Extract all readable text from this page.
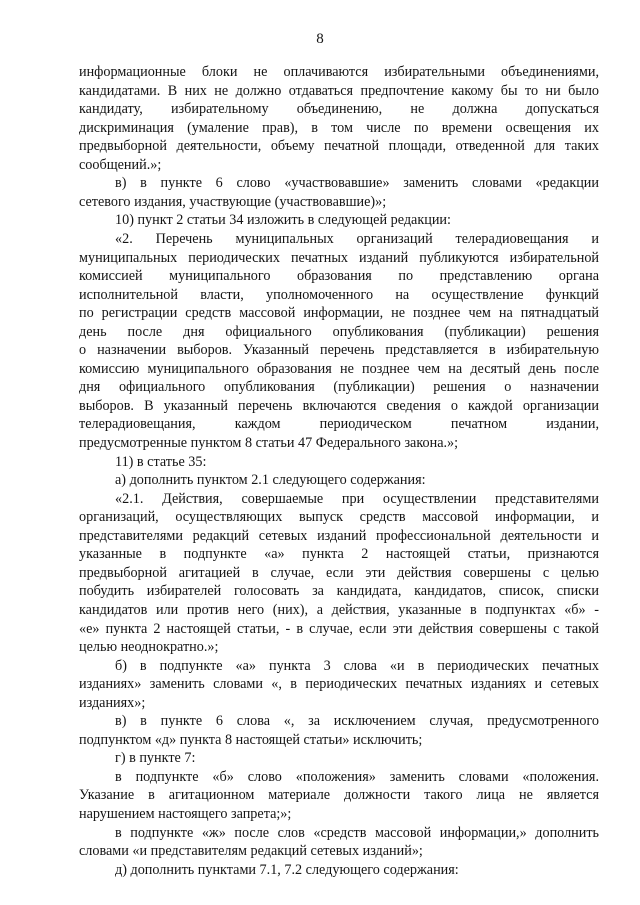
8
информационные блоки не оплачиваются избирательными объединениями,
кандидатами. В них не должно отдаваться предпочтение какому бы то ни было
кандидату, избирательному объединению, не должна допускаться
дискриминация (умаление прав), в том числе по времени освещения их
предвыборной деятельности, объему печатной площади, отведенной для таких
сообщений.»;
в) в пункте 6 слово «участвовавшие» заменить словами «редакции
сетевого издания, участвующие (участвовавшие)»;
10) пункт 2 статьи 34 изложить в следующей редакции:
«2. Перечень муниципальных организаций телерадиовещания и
муниципальных периодических печатных изданий публикуются избирательной
комиссией муниципального образования по представлению органа
исполнительной власти, уполномоченного на осуществление функций
по регистрации средств массовой информации, не позднее чем на пятнадцатый
день после дня официального опубликования (публикации) решения
о назначении выборов. Указанный перечень представляется в избирательную
комиссию муниципального образования не позднее чем на десятый день после
дня официального опубликования (публикации) решения о назначении
выборов. В указанный перечень включаются сведения о каждой организации
телерадиовещания, каждом периодическом печатном издании,
предусмотренные пунктом 8 статьи 47 Федерального закона.»;
11) в статье 35:
а) дополнить пунктом 2.1 следующего содержания:
«2.1. Действия, совершаемые при осуществлении представителями
организаций, осуществляющих выпуск средств массовой информации, и
представителями редакций сетевых изданий профессиональной деятельности и
указанные в подпункте «а» пункта 2 настоящей статьи, признаются
предвыборной агитацией в случае, если эти действия совершены с целью
побудить избирателей голосовать за кандидата, кандидатов, список, списки
кандидатов или против него (них), а действия, указанные в подпунктах «б» -
«е» пункта 2 настоящей статьи, - в случае, если эти действия совершены с такой
целью неоднократно.»;
б) в подпункте «а» пункта 3 слова «и в периодических печатных
изданиях» заменить словами «, в периодических печатных изданиях и сетевых
изданиях»;
в) в пункте 6 слова «, за исключением случая, предусмотренного
подпунктом «д» пункта 8 настоящей статьи» исключить;
г) в пункте 7:
в подпункте «б» слово «положения» заменить словами «положения.
Указание в агитационном материале должности такого лица не является
нарушением настоящего запрета;»;
в подпункте «ж» после слов «средств массовой информации,» дополнить
словами «и представителям редакций сетевых изданий»;
д) дополнить пунктами 7.1, 7.2 следующего содержания:
